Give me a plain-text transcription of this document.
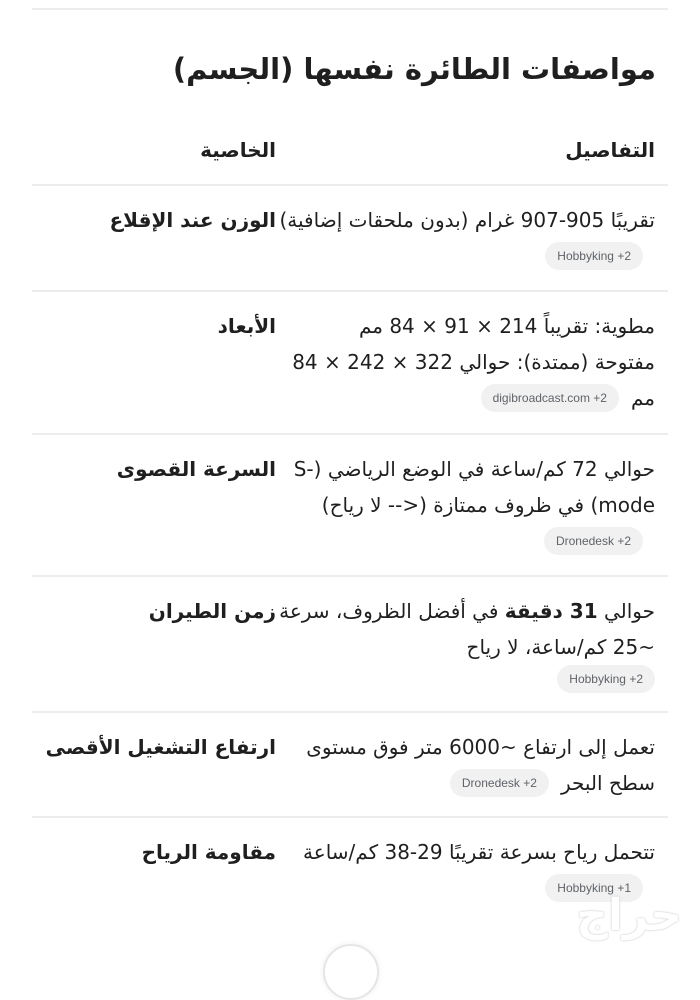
مواصفات الطائرة نفسها (الجسم)
التفاصيل
الخاصية
تقريبًا 905-907 غرام (بدون ملحقات إضافية)Hobbyking +2
الوزن عند الإقلاع
مطوية: تقريباً 214 × 91 × 84 مم
مفتوحة (ممتدة): حوالي 322 × 242 × 84 ممdigibroadcast.com +2
الأبعاد
حوالي 72 كم/ساعة في الوضع الرياضي (S-mode) في ظروف ممتازة (<-- لا رياح)Dronedesk +2
السرعة القصوى
حوالي 31 دقيقة في أفضل الظروف، سرعة ~25 كم/ساعة، لا رياح
Hobbyking +2
زمن الطيران
تعمل إلى ارتفاع ~6000 متر فوق مستوى سطح البحرDronedesk +2
ارتفاع التشغيل الأقصى
تتحمل رياح بسرعة تقريبًا 29-38 كم/ساعةHobbyking +1
مقاومة الرياح
حراج
